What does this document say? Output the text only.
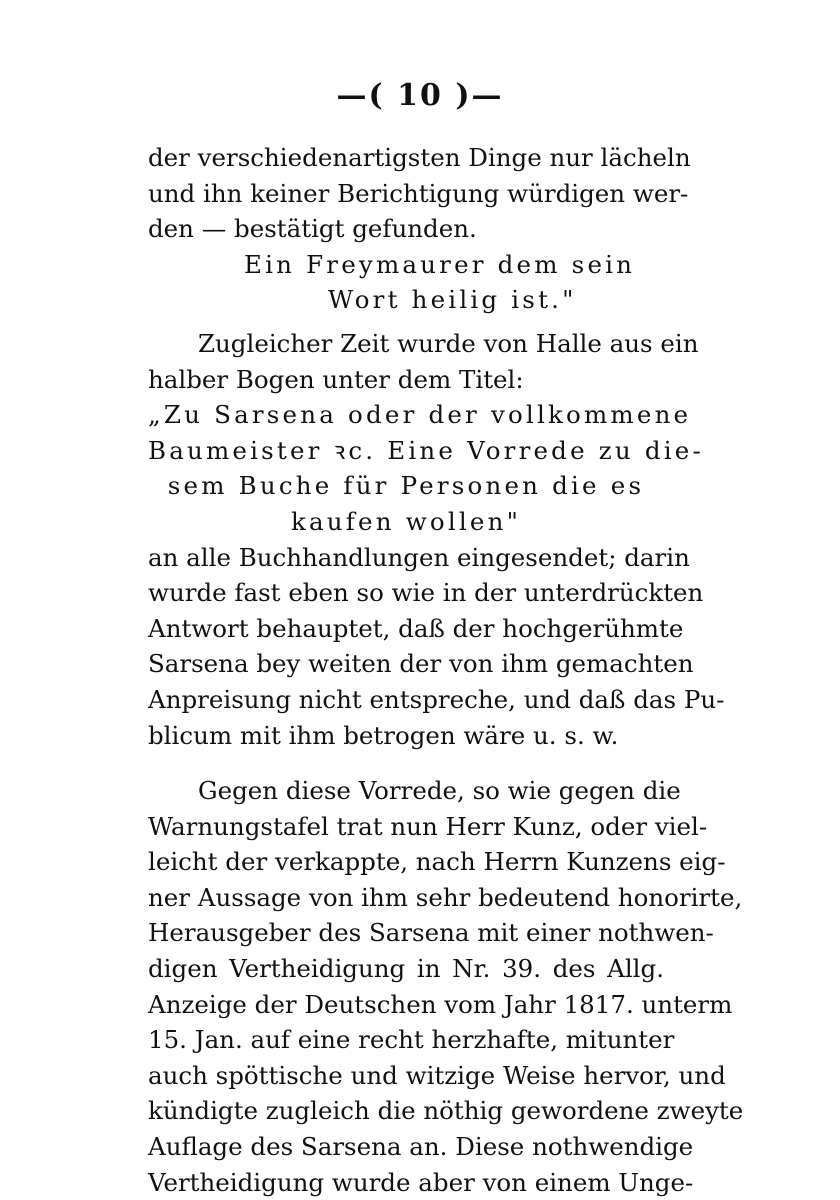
—( 10 )—
der verschiedenartigsten Dinge nur lächeln
und ihn keiner Berichtigung würdigen wer-
den — bestätigt gefunden.
Ein Freymaurer dem sein
Wort heilig ist."
Zugleicher Zeit wurde von Halle aus ein
halber Bogen unter dem Titel:
„Zu Sarsena oder der vollkommene
Baumeister ꝛc. Eine Vorrede zu die-
sem Buche für Personen die es
kaufen wollen"
an alle Buchhandlungen eingesendet; darin
wurde fast eben so wie in der unterdrückten
Antwort behauptet, daß der hochgerühmte
Sarsena bey weiten der von ihm gemachten
Anpreisung nicht entspreche, und daß das Pu-
blicum mit ihm betrogen wäre u. s. w.
Gegen diese Vorrede, so wie gegen die
Warnungstafel trat nun Herr Kunz, oder viel-
leicht der verkappte, nach Herrn Kunzens eig-
ner Aussage von ihm sehr bedeutend honorirte,
Herausgeber des Sarsena mit einer nothwen-
digen Vertheidigung in Nr. 39. des Allg.
Anzeige der Deutschen vom Jahr 1817. unterm
15. Jan. auf eine recht herzhafte, mitunter
auch spöttische und witzige Weise hervor, und
kündigte zugleich die nöthig gewordene zweyte
Auflage des Sarsena an. Diese nothwendige
Vertheidigung wurde aber von einem Unge-
